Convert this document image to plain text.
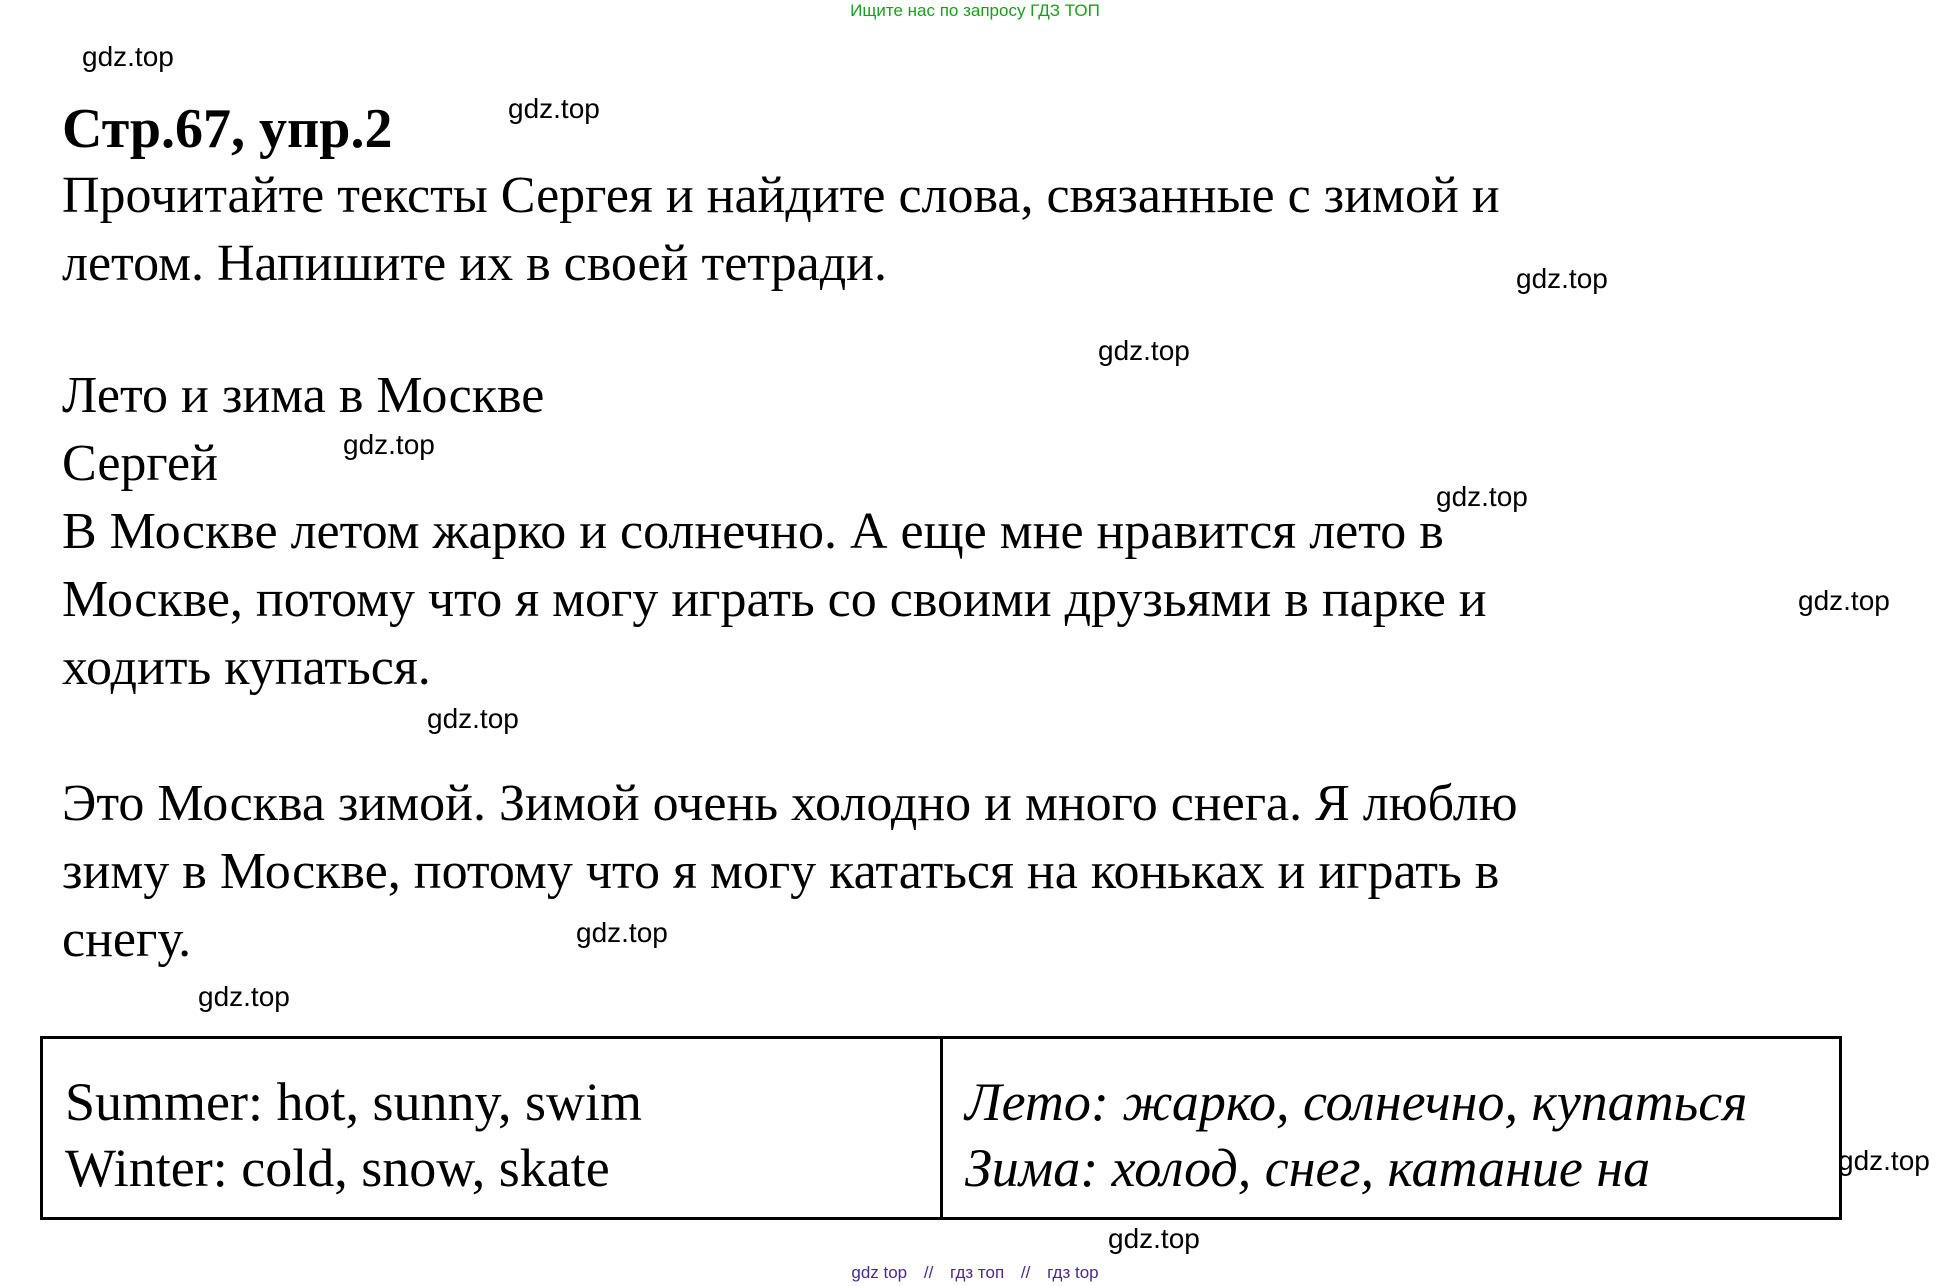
Ищите нас по запросу ГДЗ ТОП
gdz.top
gdz.top
gdz.top
gdz.top
gdz.top
gdz.top
gdz.top
gdz.top
gdz.top
gdz.top
gdz.top
gdz.top
Стр.67, упр.2
Прочитайте тексты Сергея и найдите слова, связанные с зимой и
летом. Напишите их в своей тетради.
Лето и зима в Москве
Сергей
В Москве летом жарко и солнечно. А еще мне нравится лето в
Москве, потому что я могу играть со своими друзьями в парке и
ходить купаться.
Это Москва зимой. Зимой очень холодно и много снега. Я люблю
зиму в Москве, потому что я могу кататься на коньках и играть в
снегу.
Summer: hot, sunny, swim
Winter: cold, snow, skate
Лето: жарко, солнечно, купаться
Зима: холод, снег, катание на
gdz top // гдз топ // гдз top
